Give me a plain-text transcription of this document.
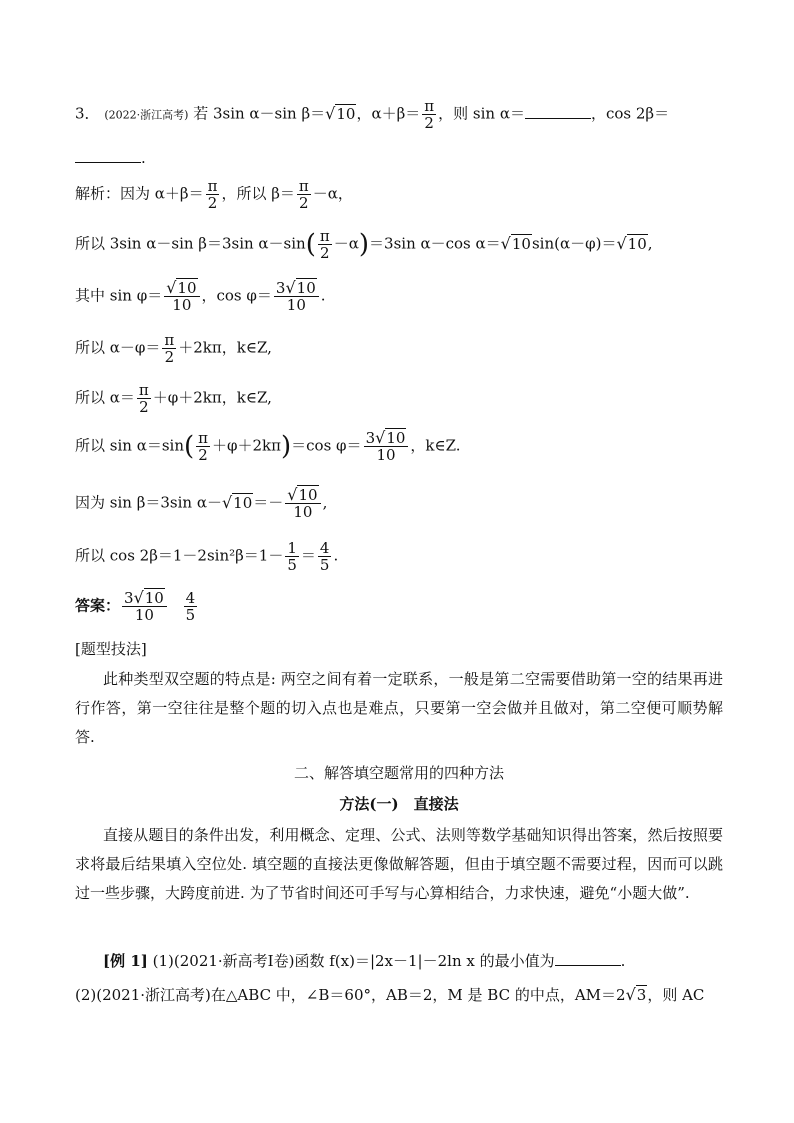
3． (2022·浙江高考) 若 3sin α－sin β＝√10，$\alpha+\beta= \frac{\pi}{2}$ ，则 sin α＝	，cos 2β＝
.
解析：因为 $\alpha+\beta= \frac{\pi}{2}$ ，所以 $\beta= \frac{\pi}{2} -\alpha$，
所以 3sin α－sin β＝3sin $\alpha-\sin( \frac{\pi}{2} -\alpha)=3\sin$ α－cos α＝√10sin(α－φ)＝√10,
其中 $\sin \varphi= \frac{√10}{10}$ ，$\cos \varphi= \frac{3√10}{10}$ .
所以 $\alpha-\varphi= \frac{\pi}{2} +2k\pi$，k∈Z,
所以 $\alpha= \frac{\pi}{2} +\varphi+2k\pi$，k∈Z,
所以 $\sin \alpha=\sin( \frac{\pi}{2} +\varphi+2k\pi)=\cos$ $\varphi= \frac{3√10}{10}$ ，k∈Z.
因为 sin β＝3sin $\alpha-√10=- \frac{√10}{10}$ ,
所以 $\cos 2\beta=1-2\sin^2\beta=1- \frac{1}{5} = \frac{4}{5}$ .
答案： $\frac{3√10}{10}$
$\frac{4}{5}$
[题型技法]
此种类型双空题的特点是: 两空之间有着一定联系，一般是第二空需要借助第一空的结果再进行作答，第一空往往是整个题的切入点也是难点，只要第一空会做并且做对，第二空便可顺势解答.
二、解答填空题常用的四种方法
方法(一)　直接法
直接从题目的条件出发，利用概念、定理、公式、法则等数学基础知识得出答案，然后按照要求将最后结果填入空位处. 填空题的直接法更像做解答题，但由于填空题不需要过程，因而可以跳过一些步骤，大跨度前进. 为了节省时间还可手写与心算相结合，力求快速，避免“小题大做”.
[例 1] (1)(2021·新高考Ⅰ卷)函数 f(x)＝|2x－1|－2ln x 的最小值为	.
(2)(2021·浙江高考)在△ABC 中，∠B＝60°，AB＝2，M 是 BC 的中点，AM＝2√3，则 AC
